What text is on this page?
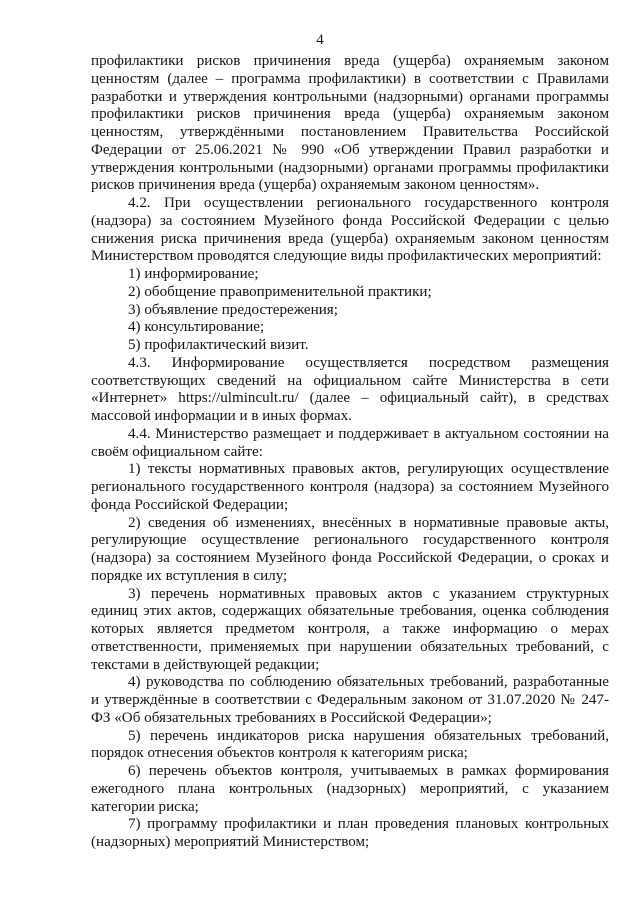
4

профилактики рисков причинения вреда (ущерба) охраняемым законом ценностям (далее – программа профилактики) в соответствии с Правилами разработки и утверждения контрольными (надзорными) органами программы профилактики рисков причинения вреда (ущерба) охраняемым законом ценностям, утверждёнными постановлением Правительства Российской Федерации от 25.06.2021 № 990 «Об утверждении Правил разработки и утверждения контрольными (надзорными) органами программы профилактики рисков причинения вреда (ущерба) охраняемым законом ценностям».

4.2. При осуществлении регионального государственного контроля (надзора) за состоянием Музейного фонда Российской Федерации с целью снижения риска причинения вреда (ущерба) охраняемым законом ценностям Министерством проводятся следующие виды профилактических мероприятий:

1) информирование;

2) обобщение правоприменительной практики;

3) объявление предостережения;

4) консультирование;

5) профилактический визит.

4.3. Информирование осуществляется посредством размещения соответствующих сведений на официальном сайте Министерства в сети «Интернет» https://ulmincult.ru/ (далее – официальный сайт), в средствах массовой информации и в иных формах.

4.4. Министерство размещает и поддерживает в актуальном состоянии на своём официальном сайте:

1) тексты нормативных правовых актов, регулирующих осуществление регионального государственного контроля (надзора) за состоянием Музейного фонда Российской Федерации;

2) сведения об изменениях, внесённых в нормативные правовые акты, регулирующие осуществление регионального государственного контроля (надзора) за состоянием Музейного фонда Российской Федерации, о сроках и порядке их вступления в силу;

3) перечень нормативных правовых актов с указанием структурных единиц этих актов, содержащих обязательные требования, оценка соблюдения которых является предметом контроля, а также информацию о мерах ответственности, применяемых при нарушении обязательных требований, с текстами в действующей редакции;

4) руководства по соблюдению обязательных требований, разработанные и утверждённые в соответствии с Федеральным законом от 31.07.2020 № 247-ФЗ «Об обязательных требованиях в Российской Федерации»;

5) перечень индикаторов риска нарушения обязательных требований, порядок отнесения объектов контроля к категориям риска;

6) перечень объектов контроля, учитываемых в рамках формирования ежегодного плана контрольных (надзорных) мероприятий, с указанием категории риска;

7) программу профилактики и план проведения плановых контрольных (надзорных) мероприятий Министерством;
